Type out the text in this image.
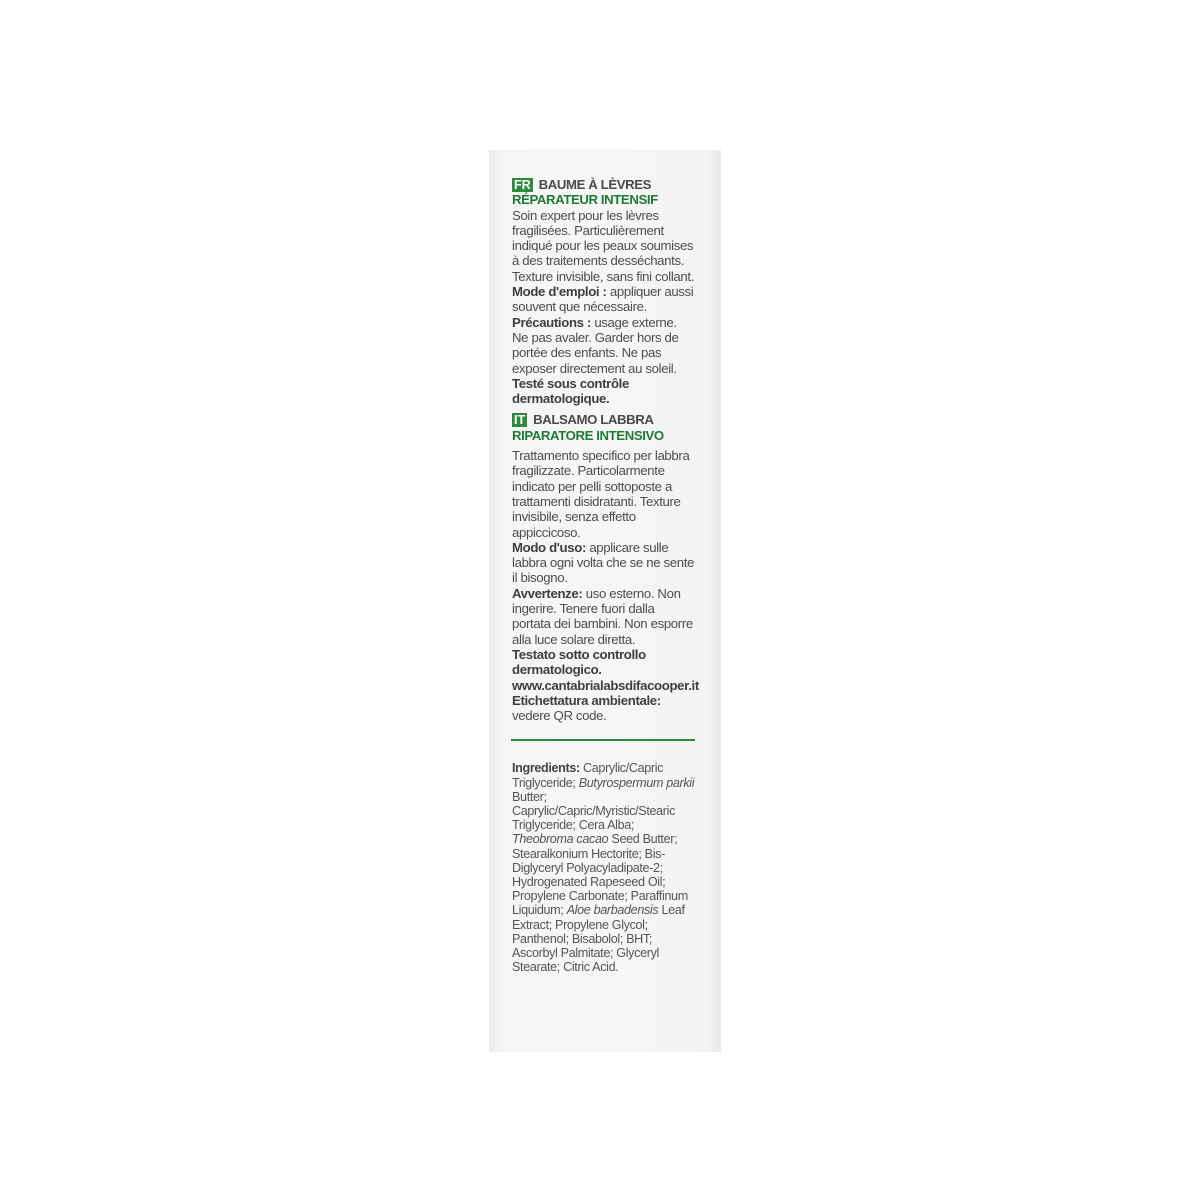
FR BAUME À LÈVRES
RÉPARATEUR INTENSIF

Soin expert pour les lèvres fragilisées. Particulièrement indiqué pour les peaux soumises à des traitements desséchants. Texture invisible, sans fini collant.

Mode d'emploi : appliquer aussi souvent que nécessaire.

Précautions : usage externe. Ne pas avaler. Garder hors de portée des enfants. Ne pas exposer directement au soleil.

Testé sous contrôle dermatologique.

IT BALSAMO LABBRA
RIPARATORE INTENSIVO

Trattamento specifico per labbra fragilizzate. Particolarmente indicato per pelli sottoposte a trattamenti disidratanti. Texture invisibile, senza effetto appiccicoso.

Modo d'uso: applicare sulle labbra ogni volta che se ne sente il bisogno.

Avvertenze: uso esterno. Non ingerire. Tenere fuori dalla portata dei bambini. Non esporre alla luce solare diretta.

Testato sotto controllo dermatologico.

www.cantabrialabsdifacooper.it

Etichettatura ambientale: vedere QR code.

Ingredients: Caprylic/Capric Triglyceride; Butyrospermum parkii Butter; Caprylic/Capric/Myristic/Stearic Triglyceride; Cera Alba; Theobroma cacao Seed Butter; Stearalkonium Hectorite; Bis-Diglyceryl Polyacyladipate-2; Hydrogenated Rapeseed Oil; Propylene Carbonate; Paraffinum Liquidum; Aloe barbadensis Leaf Extract; Propylene Glycol; Panthenol; Bisabolol; BHT; Ascorbyl Palmitate; Glyceryl Stearate; Citric Acid.
